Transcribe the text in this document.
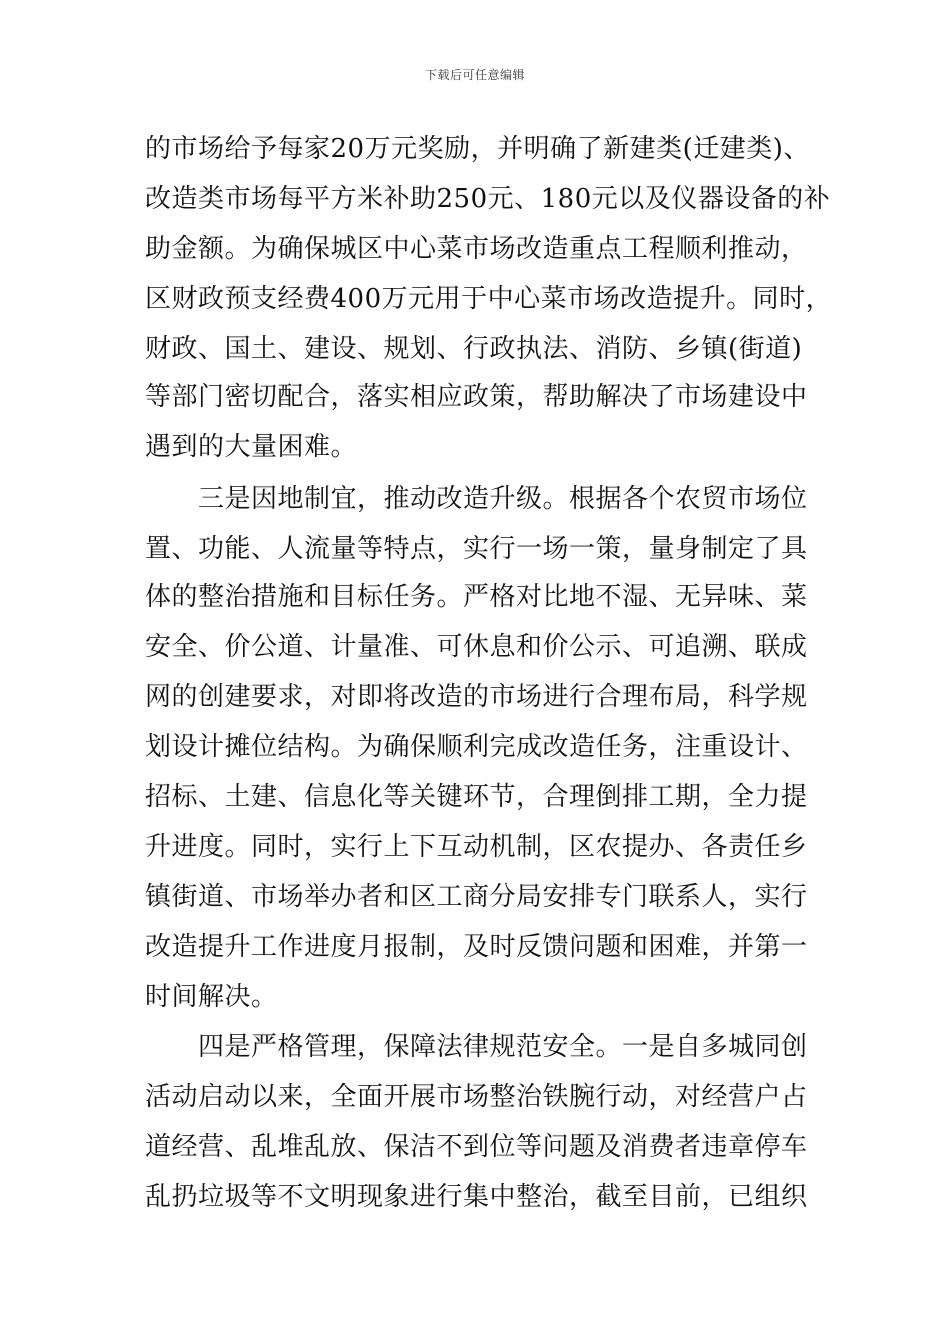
下载后可任意编辑
的市场给予每家20万元奖励，并明确了新建类(迁建类)、
改造类市场每平方米补助250元、180元以及仪器设备的补
助金额。为确保城区中心菜市场改造重点工程顺利推动，
区财政预支经费400万元用于中心菜市场改造提升。同时，
财政、国土、建设、规划、行政执法、消防、乡镇(街道)
等部门密切配合，落实相应政策，帮助解决了市场建设中
遇到的大量困难。
　　三是因地制宜，推动改造升级。根据各个农贸市场位
置、功能、人流量等特点，实行一场一策，量身制定了具
体的整治措施和目标任务。严格对比地不湿、无异味、菜
安全、价公道、计量准、可休息和价公示、可追溯、联成
网的创建要求，对即将改造的市场进行合理布局，科学规
划设计摊位结构。为确保顺利完成改造任务，注重设计、
招标、土建、信息化等关键环节，合理倒排工期，全力提
升进度。同时，实行上下互动机制，区农提办、各责任乡
镇街道、市场举办者和区工商分局安排专门联系人，实行
改造提升工作进度月报制，及时反馈问题和困难，并第一
时间解决。
　　四是严格管理，保障法律规范安全。一是自多城同创
活动启动以来，全面开展市场整治铁腕行动，对经营户占
道经营、乱堆乱放、保洁不到位等问题及消费者违章停车
乱扔垃圾等不文明现象进行集中整治，截至目前，已组织
